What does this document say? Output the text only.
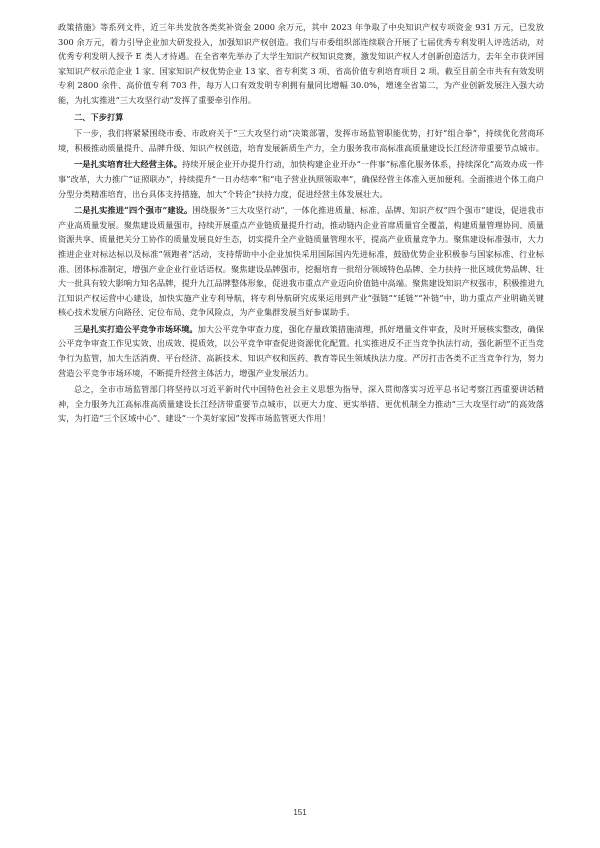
政策措施》等系列文件，近三年共发放各类奖补资金 2000 余万元，其中 2023 年争取了中央知识产权专项资金 931 万元，已发放 300 余万元，着力引导企业加大研发投入，加强知识产权创造。我们与市委组织部连续联合开展了七届优秀专利发明人评选活动，对优秀专利发明人授予 E 类人才待遇。在全省率先举办了大学生知识产权知识竞赛，激发知识产权人才创新创造活力，去年全市获评国家知识产权示范企业 1 家、国家知识产权优势企业 13 家、省专利奖 3 项、省高价值专利培育项目 2 项。截至目前全市共有有效发明专利 2800 余件、高价值专利 703 件，每万人口有效发明专利拥有量同比增幅 30.0%，增速全省第二，为产业创新发展注入强大动能，为扎实推进“三大攻坚行动”发挥了重要牵引作用。

二、下步打算

下一步，我们将紧紧围绕市委、市政府关于“三大攻坚行动”决策部署，发挥市场监管职能优势，打好“组合拳”，持续优化营商环境，积极推动质量提升、品牌升级、知识产权创造，培育发展新质生产力，全力服务我市高标准高质量建设长江经济带重要节点城市。

一是扎实培育壮大经营主体。持续开展企业开办提升行动，加快构建企业开办“一件事”标准化服务体系，持续深化“高效办成一件事”改革，大力推广“证照联办”，持续提升“一日办结率”和“电子营业执照领取率”，确保经营主体准入更加便利。全面推进个体工商户分型分类精准培育，出台具体支持措施，加大“个转企”扶持力度，促进经营主体发展壮大。

二是扎实推进“四个强市”建设。围绕服务“三大攻坚行动”，一体化推进质量、标准、品牌、知识产权“四个强市”建设，促进我市产业高质量发展。聚焦建设质量强市，持续开展重点产业链质量提升行动，推动链内企业首席质量官全覆盖，构建质量管理协同、质量资源共享、质量把关分工协作的质量发展良好生态，切实提升全产业链质量管理水平，提高产业质量竞争力。聚焦建设标准强市，大力推进企业对标达标以及标准“领跑者”活动，支持帮助中小企业加快采用国际国内先进标准，鼓励优势企业积极参与国家标准、行业标准、团体标准制定，增强产业企业行业话语权。聚焦建设品牌强市，挖掘培育一批绍分领域特色品牌、全力扶持一批区域优势品牌、壮大一批具有较大影响力知名品牌，提升九江品牌整体形象，促进我市重点产业迈向价值链中高端。聚焦建设知识产权强市，积极推进九江知识产权运营中心建设，加快实施产业专利导航，将专利导航研究成果运用到产业“强链”“延链”“补链”中，助力重点产业明确关键核心技术发展方向路径、定位布局、竞争风险点，为产业集群发展当好参谋助手。

三是扎实打造公平竞争市场环境。加大公平竞争审查力度，强化存量政策措施清理，抓好增量文件审查，及时开展核实整改，确保公平竞争审查工作见实效、出成效、提质效，以公平竞争审查促进资源优化配置。扎实推进反不正当竞争执法行动，强化新型不正当竞争行为监管，加大生活消费、平台经济、高新技术、知识产权和医药、教育等民生领域执法力度。严厉打击各类不正当竞争行为，努力营造公平竞争市场环境，不断提升经营主体活力，增强产业发展活力。

总之，全市市场监管部门将坚持以习近平新时代中国特色社会主义思想为指导，深入贯彻落实习近平总书记考察江西重要讲话精神，全力服务九江高标准高质量建设长江经济带重要节点城市，以更大力度、更实举措、更优机制全力推动“三大攻坚行动”的高效落实，为打造“三个区域中心”、建设“一个美好家园”发挥市场监管更大作用！

151
